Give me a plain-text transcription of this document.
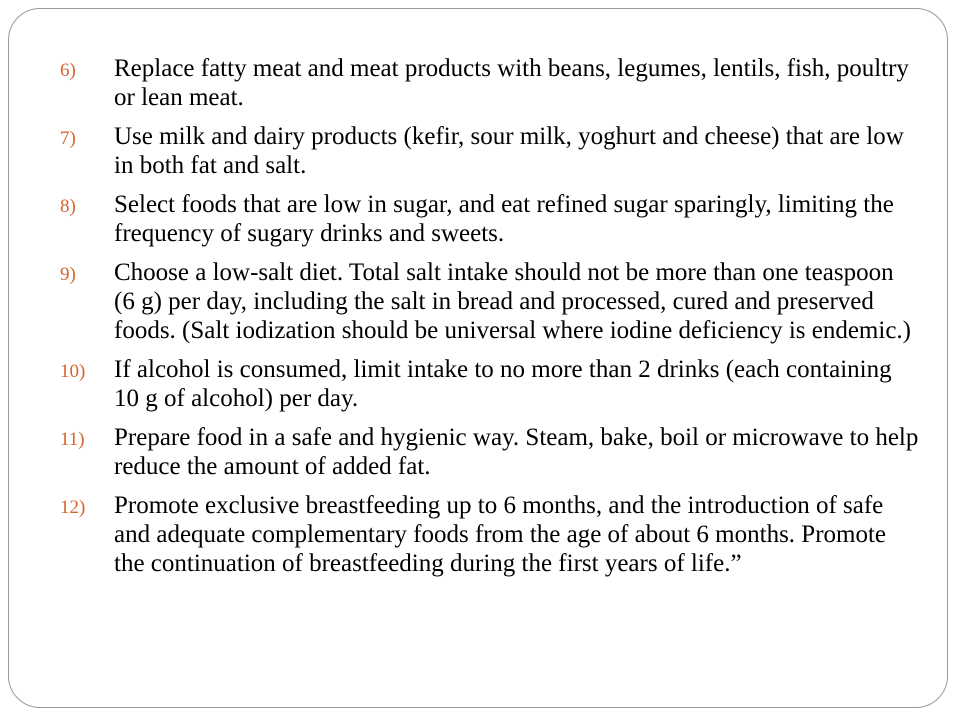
6) Replace fatty meat and meat products with beans, legumes, lentils, fish, poultry or lean meat.
7) Use milk and dairy products (kefir, sour milk, yoghurt and cheese) that are low in both fat and salt.
8) Select foods that are low in sugar, and eat refined sugar sparingly, limiting the frequency of sugary drinks and sweets.
9) Choose a low-salt diet. Total salt intake should not be more than one teaspoon (6 g) per day, including the salt in bread and processed, cured and preserved foods. (Salt iodization should be universal where iodine deficiency is endemic.)
10) If alcohol is consumed, limit intake to no more than 2 drinks (each containing 10 g of alcohol) per day.
11) Prepare food in a safe and hygienic way. Steam, bake, boil or microwave to help reduce the amount of added fat.
12) Promote exclusive breastfeeding up to 6 months, and the introduction of safe and adequate complementary foods from the age of about 6 months. Promote the continuation of breastfeeding during the first years of life.”
